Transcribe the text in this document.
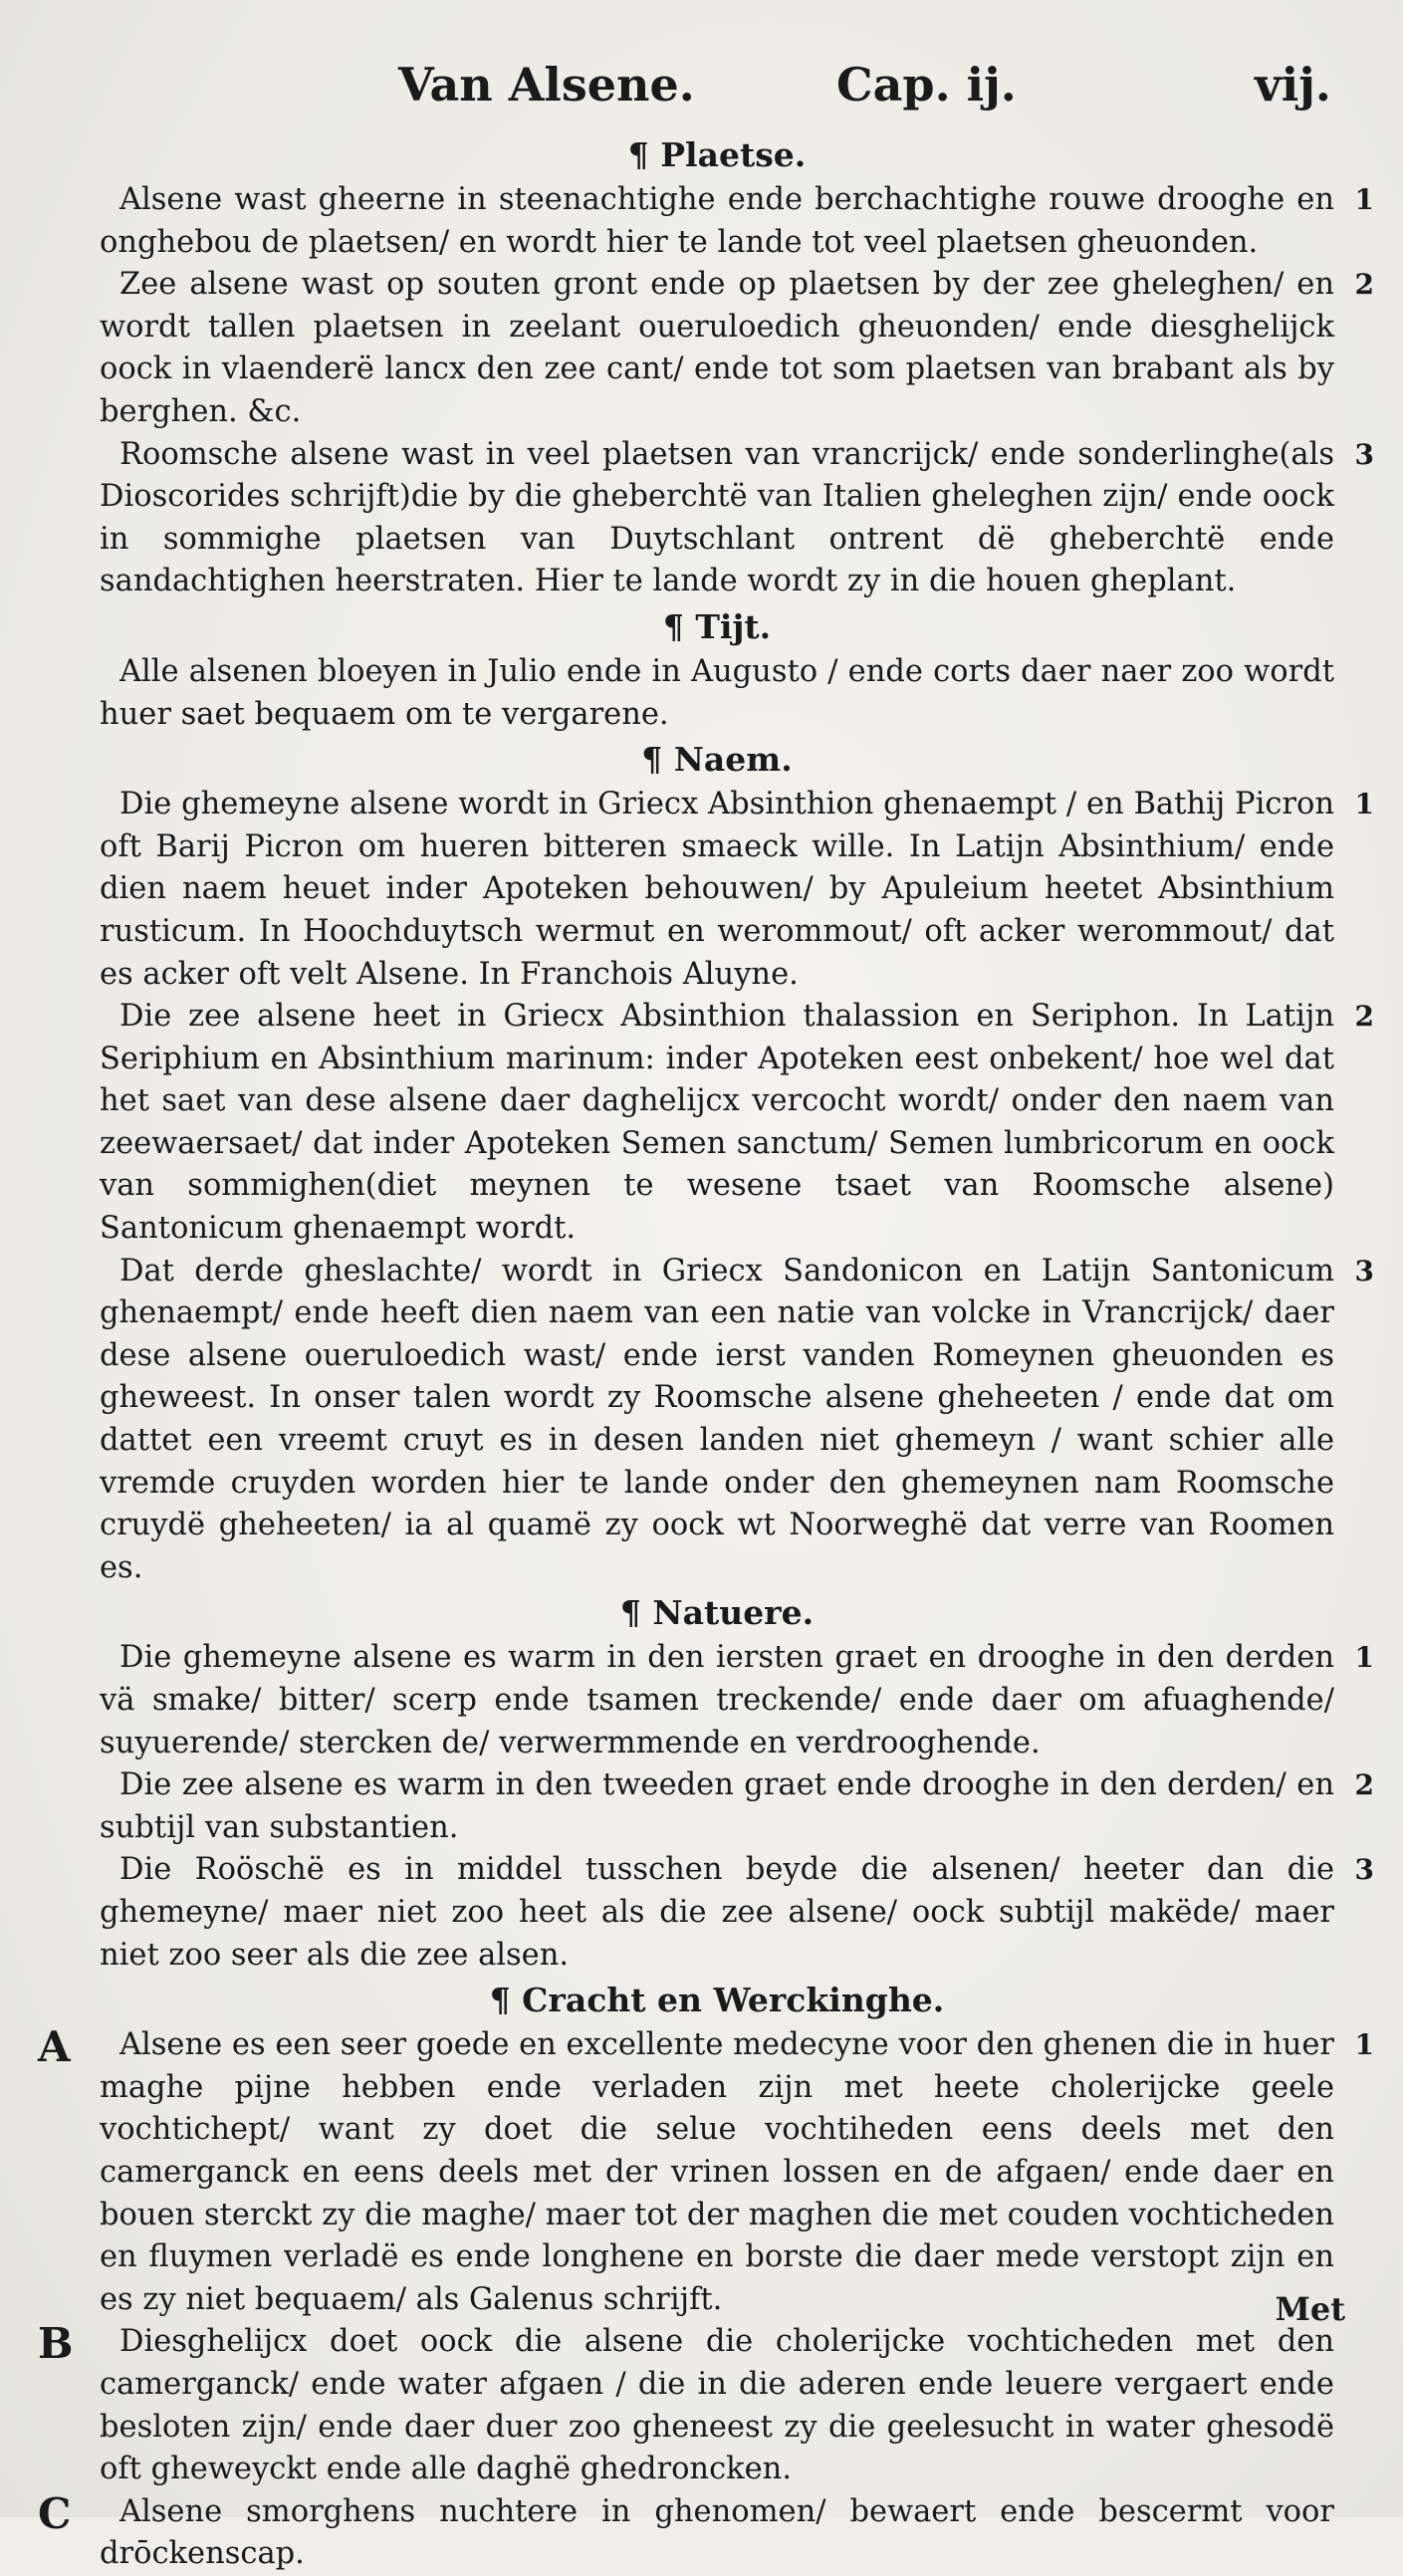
Van Alsene.	Cap. ij.	vij.
¶ Plaetse.
1
Alsene wast gheerne in steenachtighe ende berchachtighe rouwe drooghe en onghebou de plaetsen/ en wordt hier te lande tot veel plaetsen gheuonden.
2
Zee alsene wast op souten gront ende op plaetsen by der zee gheleghen/ en wordt tallen plaetsen in zeelant oueruloedich gheuonden/ ende diesghelijck oock in vlaenderë lancx den zee cant/ ende tot som plaetsen van brabant als by berghen. &c.
3
Roomsche alsene wast in veel plaetsen van vrancrijck/ ende sonderlinghe(als Dioscorides schrijft)die by die gheberchtë van Italien gheleghen zijn/ ende oock in sommighe plaetsen van Duytschlant ontrent dë gheberchtë ende sandachtighen heerstraten. Hier te lande wordt zy in die houen gheplant.
¶ Tijt.
Alle alsenen bloeyen in Julio ende in Augusto / ende corts daer naer zoo wordt huer saet bequaem om te vergarene.
¶ Naem.
1
Die ghemeyne alsene wordt in Griecx Absinthion ghenaempt / en Bathij Picron oft Barij Picron om hueren bitteren smaeck wille. In Latijn Absinthium/ ende dien naem heuet inder Apoteken behouwen/ by Apuleium heetet Absinthium rusticum. In Hoochduytsch wermut en werommout/ oft acker werommout/ dat es acker oft velt Alsene. In Franchois Aluyne.
2
Die zee alsene heet in Griecx Absinthion thalassion en Seriphon. In Latijn Seriphium en Absinthium marinum: inder Apoteken eest onbekent/ hoe wel dat het saet van dese alsene daer daghelijcx vercocht wordt/ onder den naem van zeewaersaet/ dat inder Apoteken Semen sanctum/ Semen lumbricorum en oock van sommighen(diet meynen te wesene tsaet van Roomsche alsene) Santonicum ghenaempt wordt.
3
Dat derde gheslachte/ wordt in Griecx Sandonicon en Latijn Santonicum ghenaempt/ ende heeft dien naem van een natie van volcke in Vrancrijck/ daer dese alsene oueruloedich wast/ ende ierst vanden Romeynen gheuonden es gheweest. In onser talen wordt zy Roomsche alsene gheheeten / ende dat om dattet een vreemt cruyt es in desen landen niet ghemeyn / want schier alle vremde cruyden worden hier te lande onder den ghemeynen nam Roomsche cruydë gheheeten/ ia al quamë zy oock wt Noorweghë dat verre van Roomen es.
¶ Natuere.
1
Die ghemeyne alsene es warm in den iersten graet en drooghe in den derden vä smake/ bitter/ scerp ende tsamen treckende/ ende daer om afuaghende/ suyuerende/ stercken de/ verwermmende en verdrooghende.
2
Die zee alsene es warm in den tweeden graet ende drooghe in den derden/ en subtijl van substantien.
3
Die Roöschë es in middel tusschen beyde die alsenen/ heeter dan die ghemeyne/ maer niet zoo heet als die zee alsene/ oock subtijl makëde/ maer niet zoo seer als die zee alsen.
¶ Cracht en Werckinghe.
A	1
Alsene es een seer goede en excellente medecyne voor den ghenen die in huer maghe pijne hebben ende verladen zijn met heete cholerijcke geele vochtichept/ want zy doet die selue vochtiheden eens deels met den camerganck en eens deels met der vrinen lossen en de afgaen/ ende daer en bouen sterckt zy die maghe/ maer tot der maghen die met couden vochticheden en fluymen verladë es ende longhene en borste die daer mede verstopt zijn en es zy niet bequaem/ als Galenus schrijft.
B Diesghelijcx doet oock die alsene die cholerijcke vochticheden met den camerganck/ ende water afgaen / die in die aderen ende leuere vergaert ende besloten zijn/ ende daer duer zoo gheneest zy die geelesucht in water ghesodë oft gheweyckt ende alle daghë ghedroncken.
C Alsene smorghens nuchtere in ghenomen/ bewaert ende bescermt voor drōckenscap.
Met
